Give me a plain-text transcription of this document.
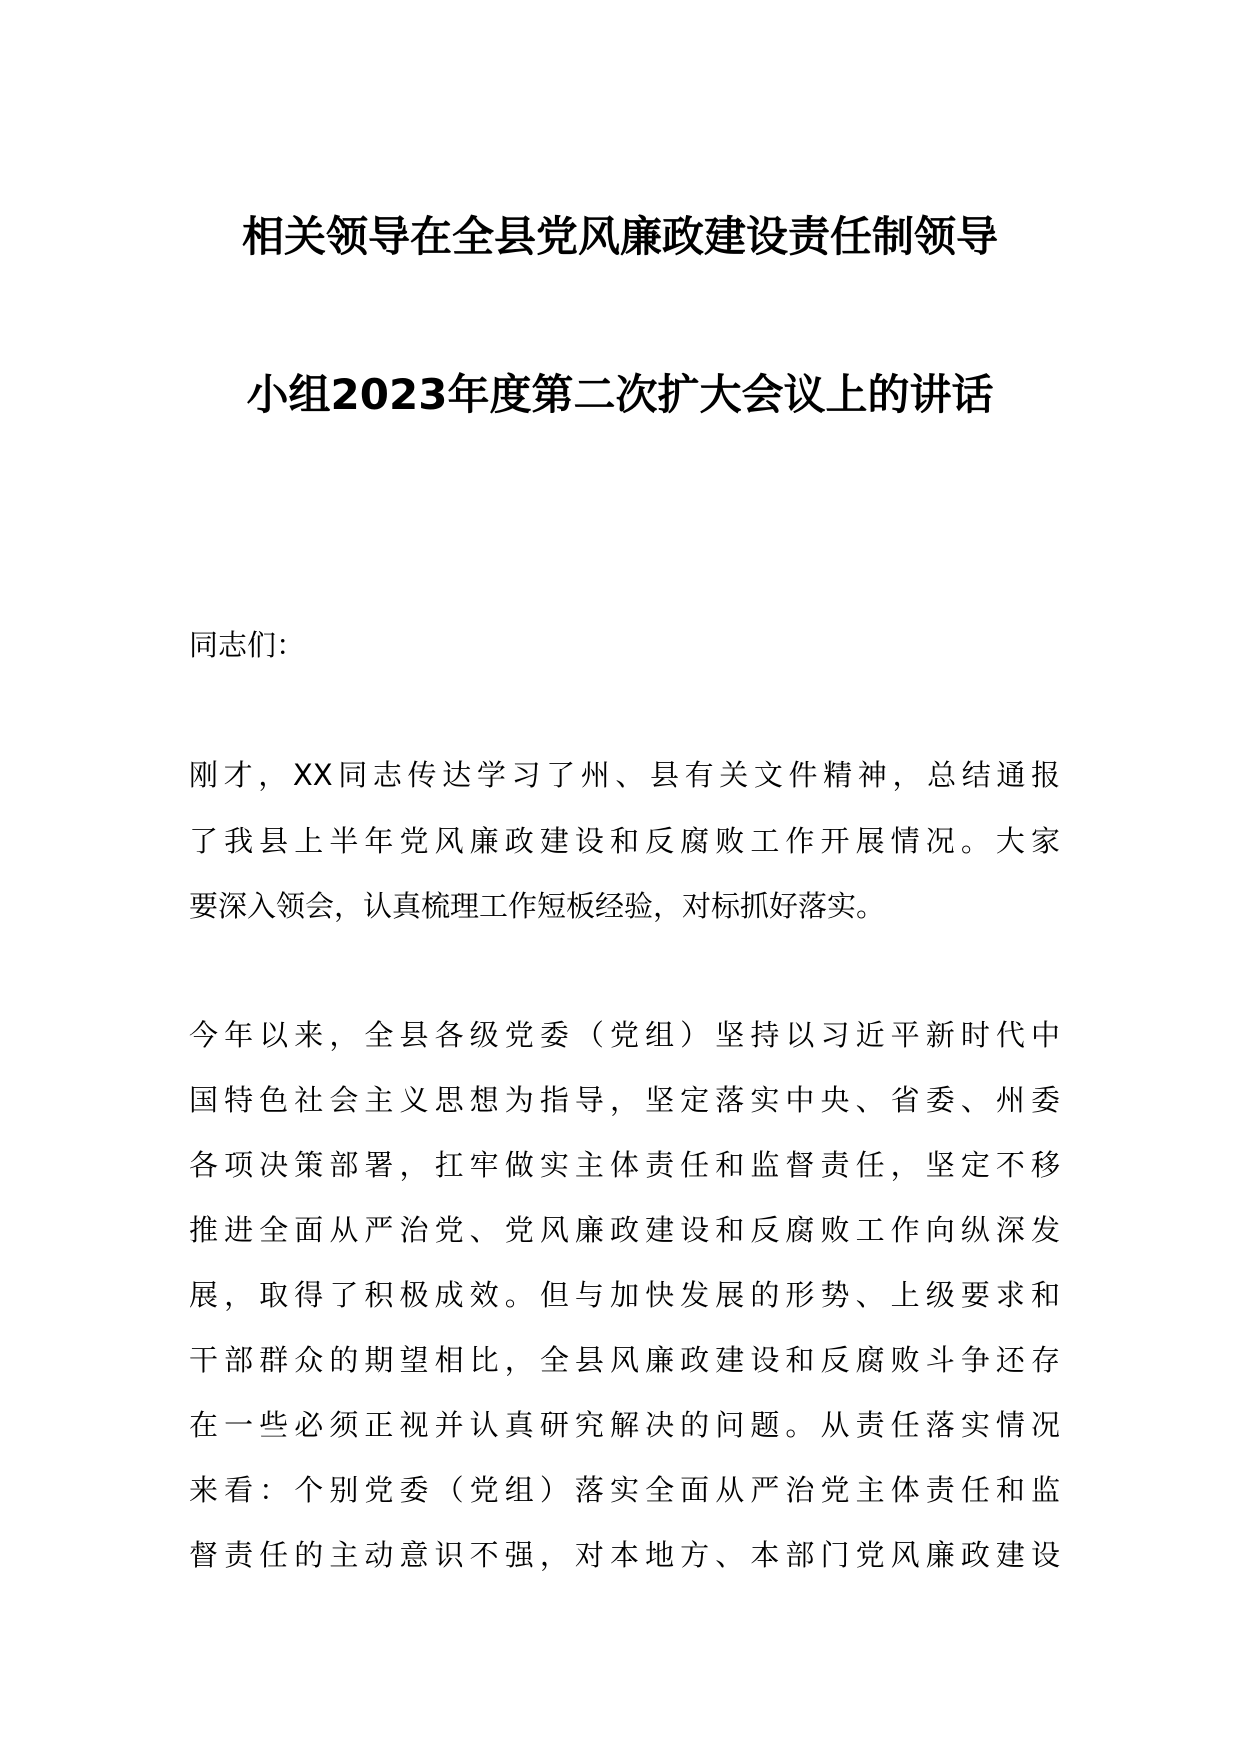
相关领导在全县党风廉政建设责任制领导
小组2023年度第二次扩大会议上的讲话
同志们：
刚才，XX同志传达学习了州、县有关文件精神，总结通报
了我县上半年党风廉政建设和反腐败工作开展情况。大家
要深入领会，认真梳理工作短板经验，对标抓好落实。
今年以来，全县各级党委（党组）坚持以习近平新时代中
国特色社会主义思想为指导，坚定落实中央、省委、州委
各项决策部署，扛牢做实主体责任和监督责任，坚定不移
推进全面从严治党、党风廉政建设和反腐败工作向纵深发
展，取得了积极成效。但与加快发展的形势、上级要求和
干部群众的期望相比，全县风廉政建设和反腐败斗争还存
在一些必须正视并认真研究解决的问题。从责任落实情况
来看：个别党委（党组）落实全面从严治党主体责任和监
督责任的主动意识不强，对本地方、本部门党风廉政建设
